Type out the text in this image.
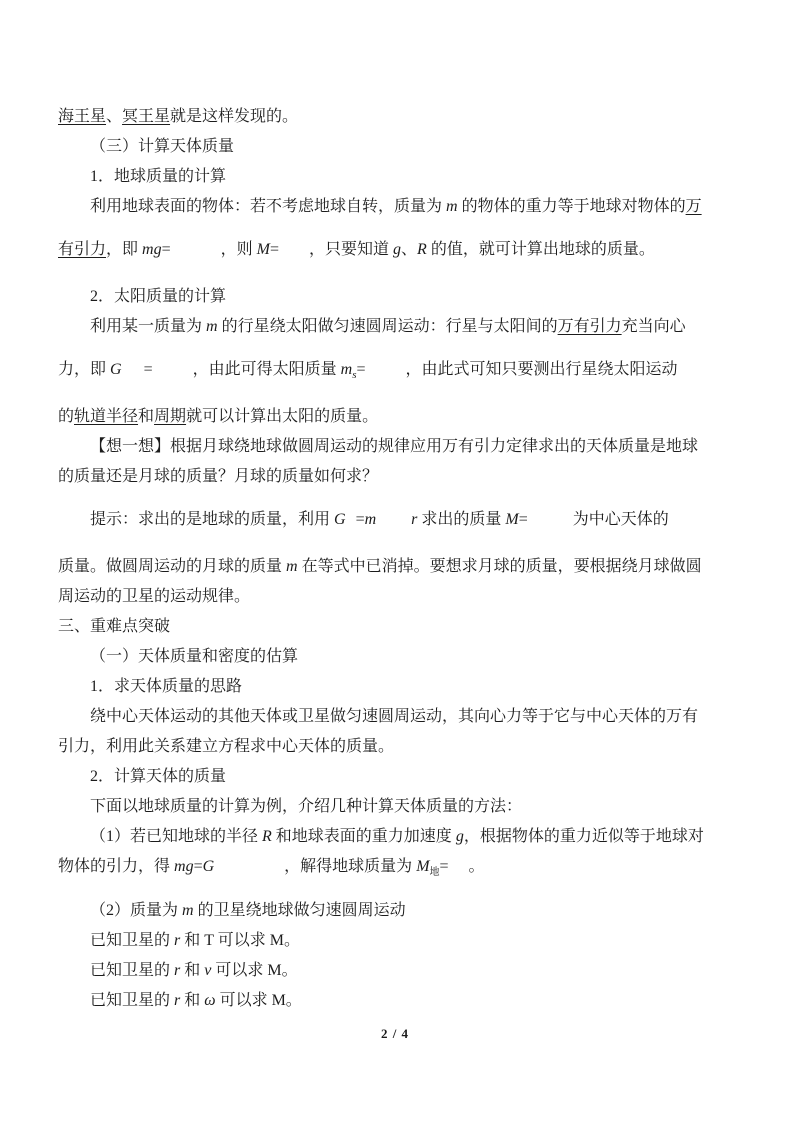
海王星、冥王星就是这样发现的。
（三）计算天体质量
1．地球质量的计算
利用地球表面的物体：若不考虑地球自转，质量为 m 的物体的重力等于地球对物体的万
有引力，即 mg=	，则 M= ，只要知道 g、R 的值，就可计算出地球的质量。
2．太阳质量的计算
利用某一质量为 m 的行星绕太阳做匀速圆周运动：行星与太阳间的万有引力充当向心
力，即 G =	，由此可得太阳质量 $m_s=$	，由此式可知只要测出行星绕太阳运动
的轨道半径和周期就可以计算出太阳的质量。
【想一想】根据月球绕地球做圆周运动的规律应用万有引力定律求出的天体质量是地球
的质量还是月球的质量？月球的质量如何求？
提示：求出的是地球的质量，利用 G =m r 求出的质量 M=	为中心天体的
质量。做圆周运动的月球的质量 m 在等式中已消掉。要想求月球的质量，要根据绕月球做圆
周运动的卫星的运动规律。
三、重难点突破
（一）天体质量和密度的估算
1．求天体质量的思路
绕中心天体运动的其他天体或卫星做匀速圆周运动，其向心力等于它与中心天体的万有
引力，利用此关系建立方程求中心天体的质量。
2．计算天体的质量
下面以地球质量的计算为例，介绍几种计算天体质量的方法：
（1）若已知地球的半径 R 和地球表面的重力加速度 g，根据物体的重力近似等于地球对
物体的引力，得 mg=G	，解得地球质量为 $M_地=$ 。
（2）质量为 m 的卫星绕地球做匀速圆周运动
已知卫星的 r 和 T 可以求 M。
已知卫星的 r 和 v 可以求 M。
已知卫星的 r 和 ω 可以求 M。
2 / 4
